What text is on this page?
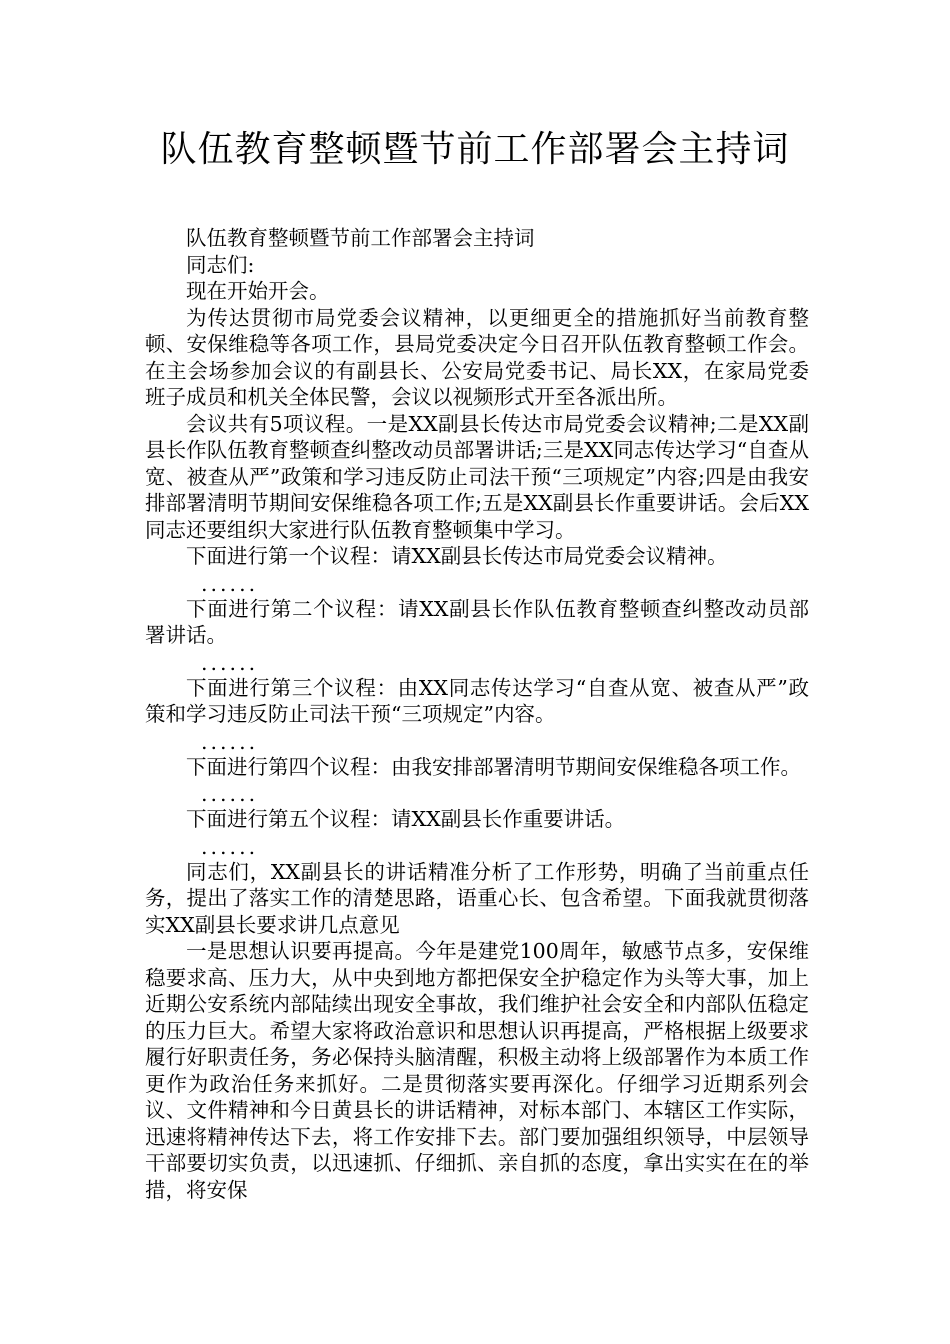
队伍教育整顿暨节前工作部署会主持词

队伍教育整顿暨节前工作部署会主持词

同志们:

现在开始开会。

为传达贯彻市局党委会议精神，以更细更全的措施抓好当前教育整顿、安保维稳等各项工作，县局党委决定今日召开队伍教育整顿工作会。在主会场参加会议的有副县长、公安局党委书记、局长XX，在家局党委班子成员和机关全体民警，会议以视频形式开至各派出所。

会议共有5项议程。一是XX副县长传达市局党委会议精神;二是XX副县长作队伍教育整顿查纠整改动员部署讲话;三是XX同志传达学习“自查从宽、被查从严”政策和学习违反防止司法干预“三项规定”内容;四是由我安排部署清明节期间安保维稳各项工作;五是XX副县长作重要讲话。会后XX同志还要组织大家进行队伍教育整顿集中学习。

下面进行第一个议程：请XX副县长传达市局党委会议精神。

......

下面进行第二个议程：请XX副县长作队伍教育整顿查纠整改动员部署讲话。

......

下面进行第三个议程：由XX同志传达学习“自查从宽、被查从严”政策和学习违反防止司法干预“三项规定”内容。

......

下面进行第四个议程：由我安排部署清明节期间安保维稳各项工作。

......

下面进行第五个议程：请XX副县长作重要讲话。

......

同志们，XX副县长的讲话精准分析了工作形势，明确了当前重点任务，提出了落实工作的清楚思路，语重心长、包含希望。下面我就贯彻落实XX副县长要求讲几点意见

一是思想认识要再提高。今年是建党100周年，敏感节点多，安保维稳要求高、压力大，从中央到地方都把保安全护稳定作为头等大事，加上近期公安系统内部陆续出现安全事故，我们维护社会安全和内部队伍稳定的压力巨大。希望大家将政治意识和思想认识再提高，严格根据上级要求履行好职责任务，务必保持头脑清醒，积极主动将上级部署作为本质工作更作为政治任务来抓好。二是贯彻落实要再深化。仔细学习近期系列会议、文件精神和今日黄县长的讲话精神，对标本部门、本辖区工作实际，迅速将精神传达下去，将工作安排下去。部门要加强组织领导，中层领导干部要切实负责，以迅速抓、仔细抓、亲自抓的态度，拿出实实在在的举措，将安保
